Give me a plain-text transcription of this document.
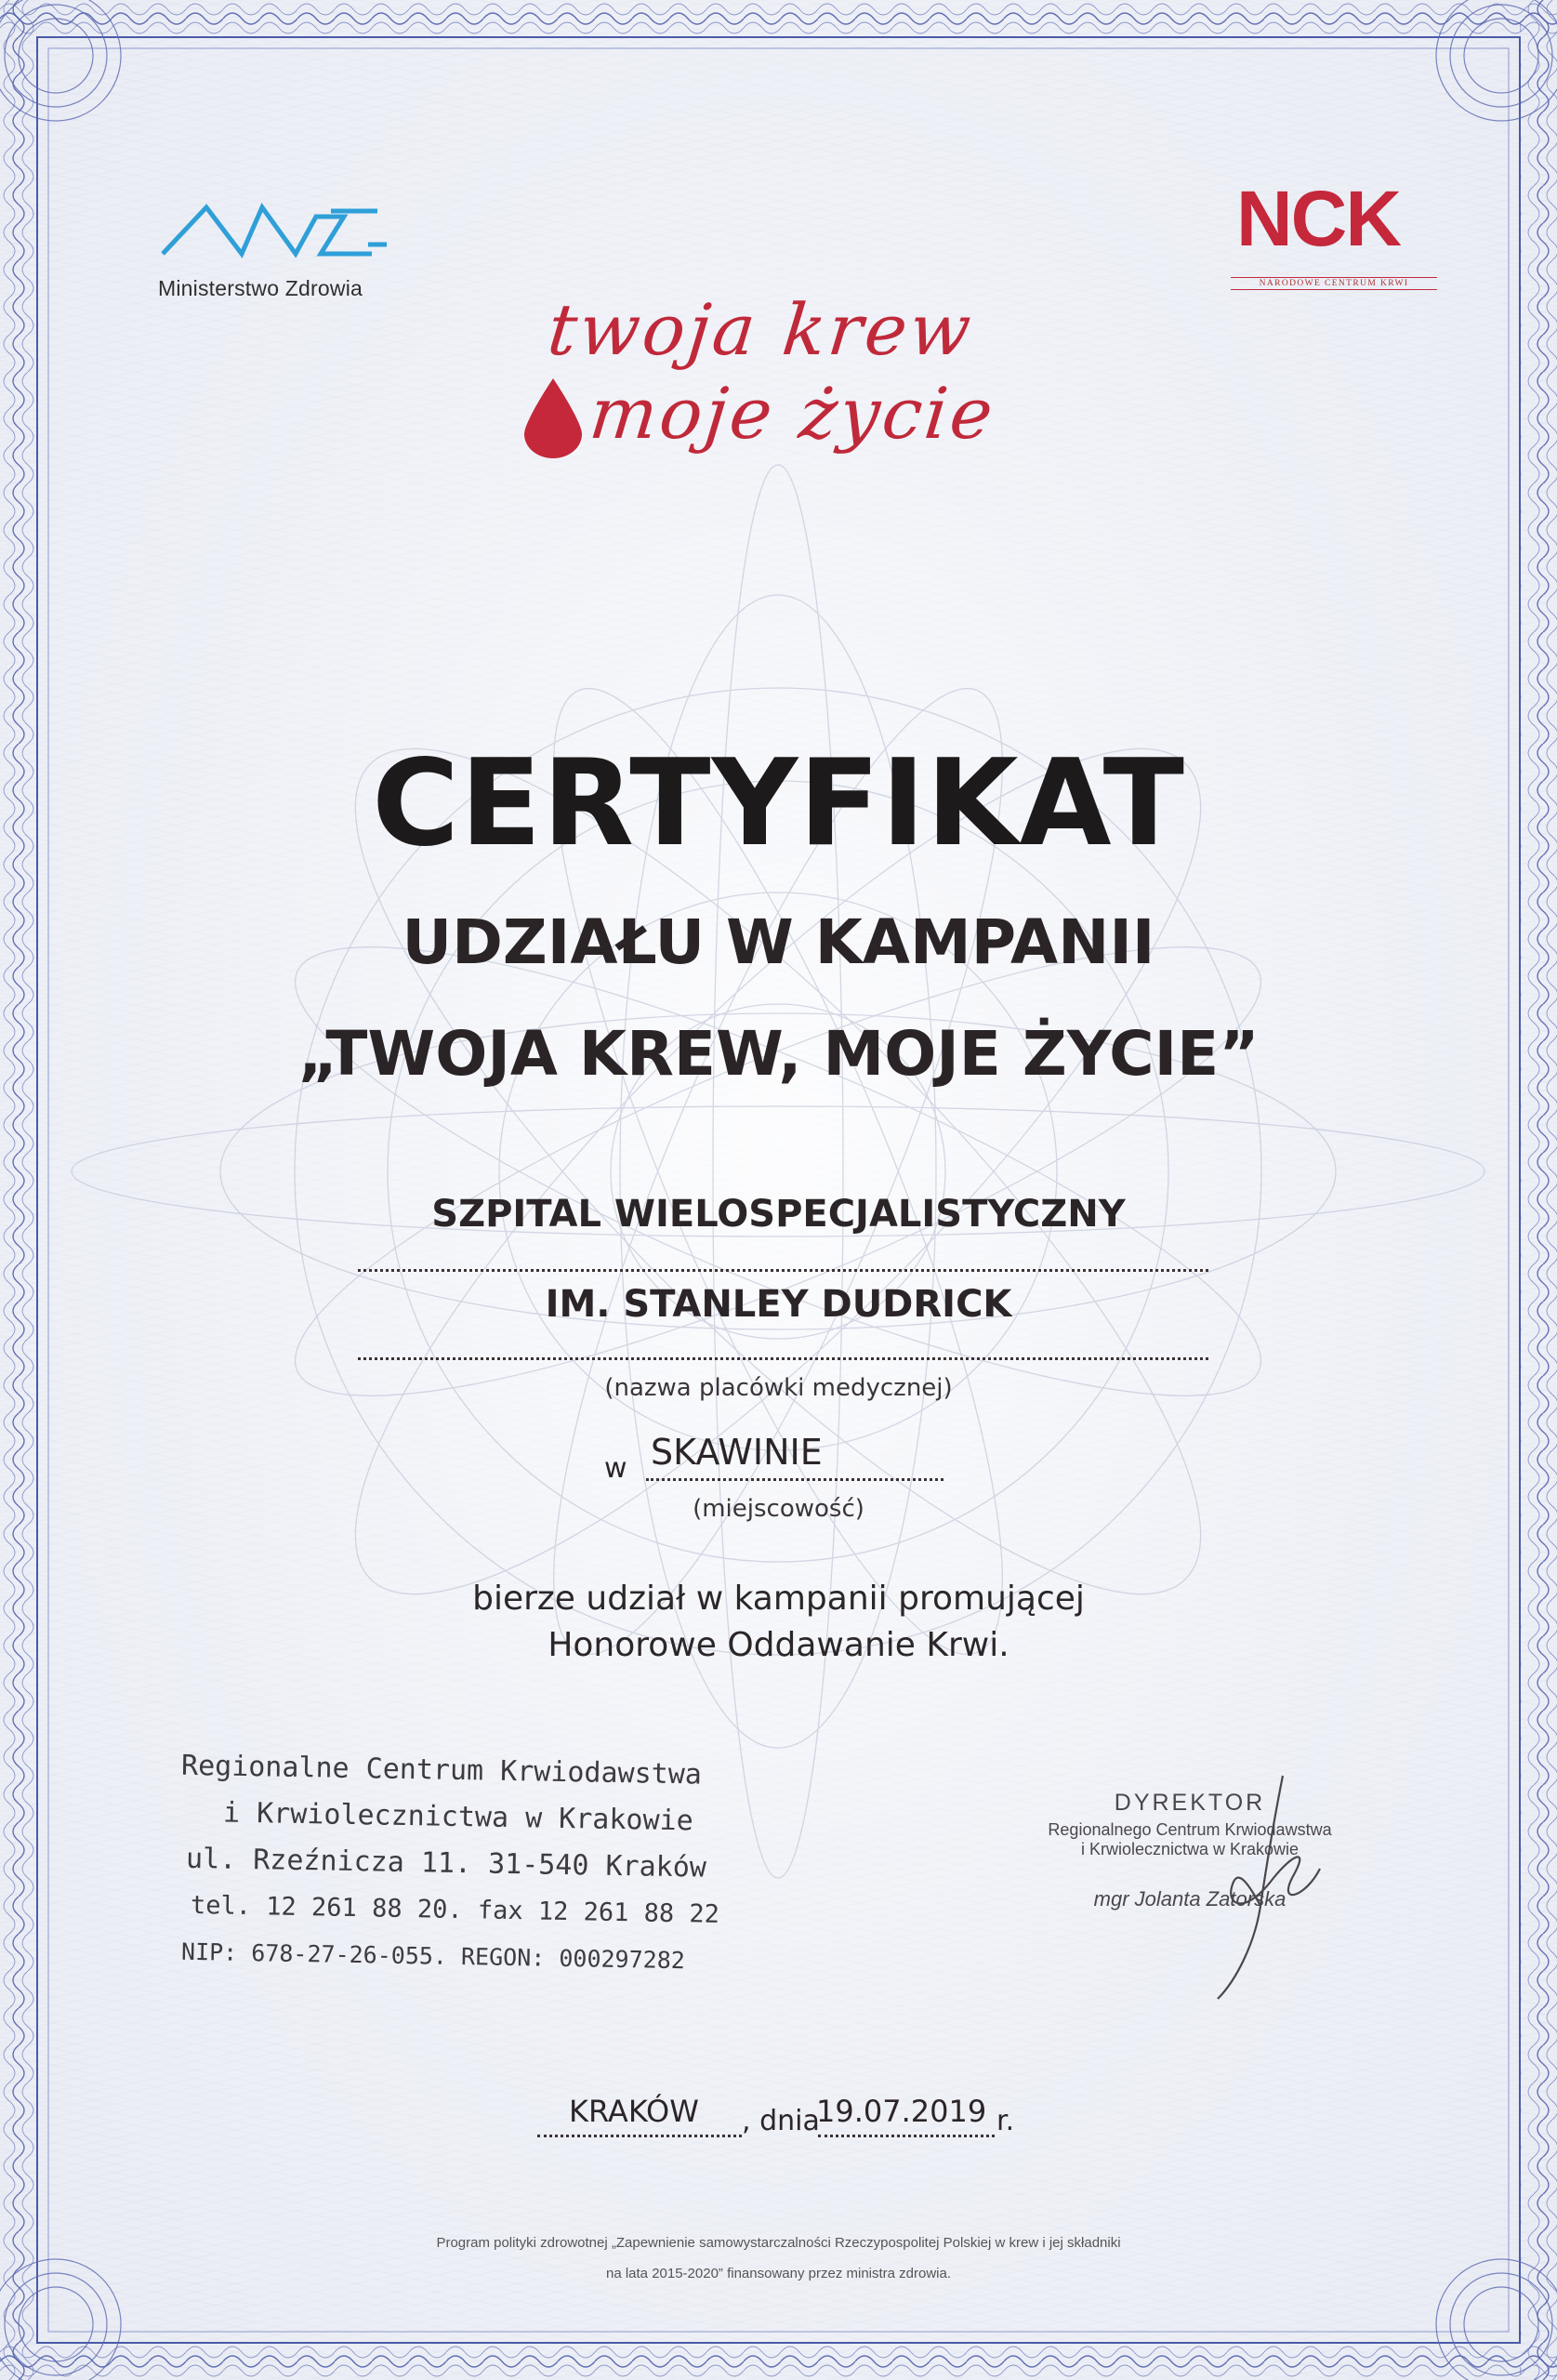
Ministerstwo Zdrowia
NCK
NARODOWE CENTRUM KRWI
twoja krew
moje życie
CERTYFIKAT
UDZIAŁU W KAMPANII
„TWOJA KREW, MOJE ŻYCIE”
SZPITAL WIELOSPECJALISTYCZNY
IM. STANLEY DUDRICK
(nazwa placówki medycznej)
w SKAWINIE
(miejscowość)
bierze udział w kampanii promującej
Honorowe Oddawanie Krwi.
Regionalne Centrum Krwiodawstwa
i Krwiolecznictwa w Krakowie
ul. Rzeźnicza 11. 31-540 Kraków
tel. 12 261 88 20. fax 12 261 88 22
NIP: 678-27-26-055. REGON: 000297282
DYREKTOR
Regionalnego Centrum Krwiodawstwa
i Krwiolecznictwa w Krakowie
mgr Jolanta Zatorska
KRAKÓW , dnia
19.07.2019 r.
Program polityki zdrowotnej „Zapewnienie samowystarczalności Rzeczypospolitej Polskiej w krew i jej składniki
na lata 2015-2020” finansowany przez ministra zdrowia.
